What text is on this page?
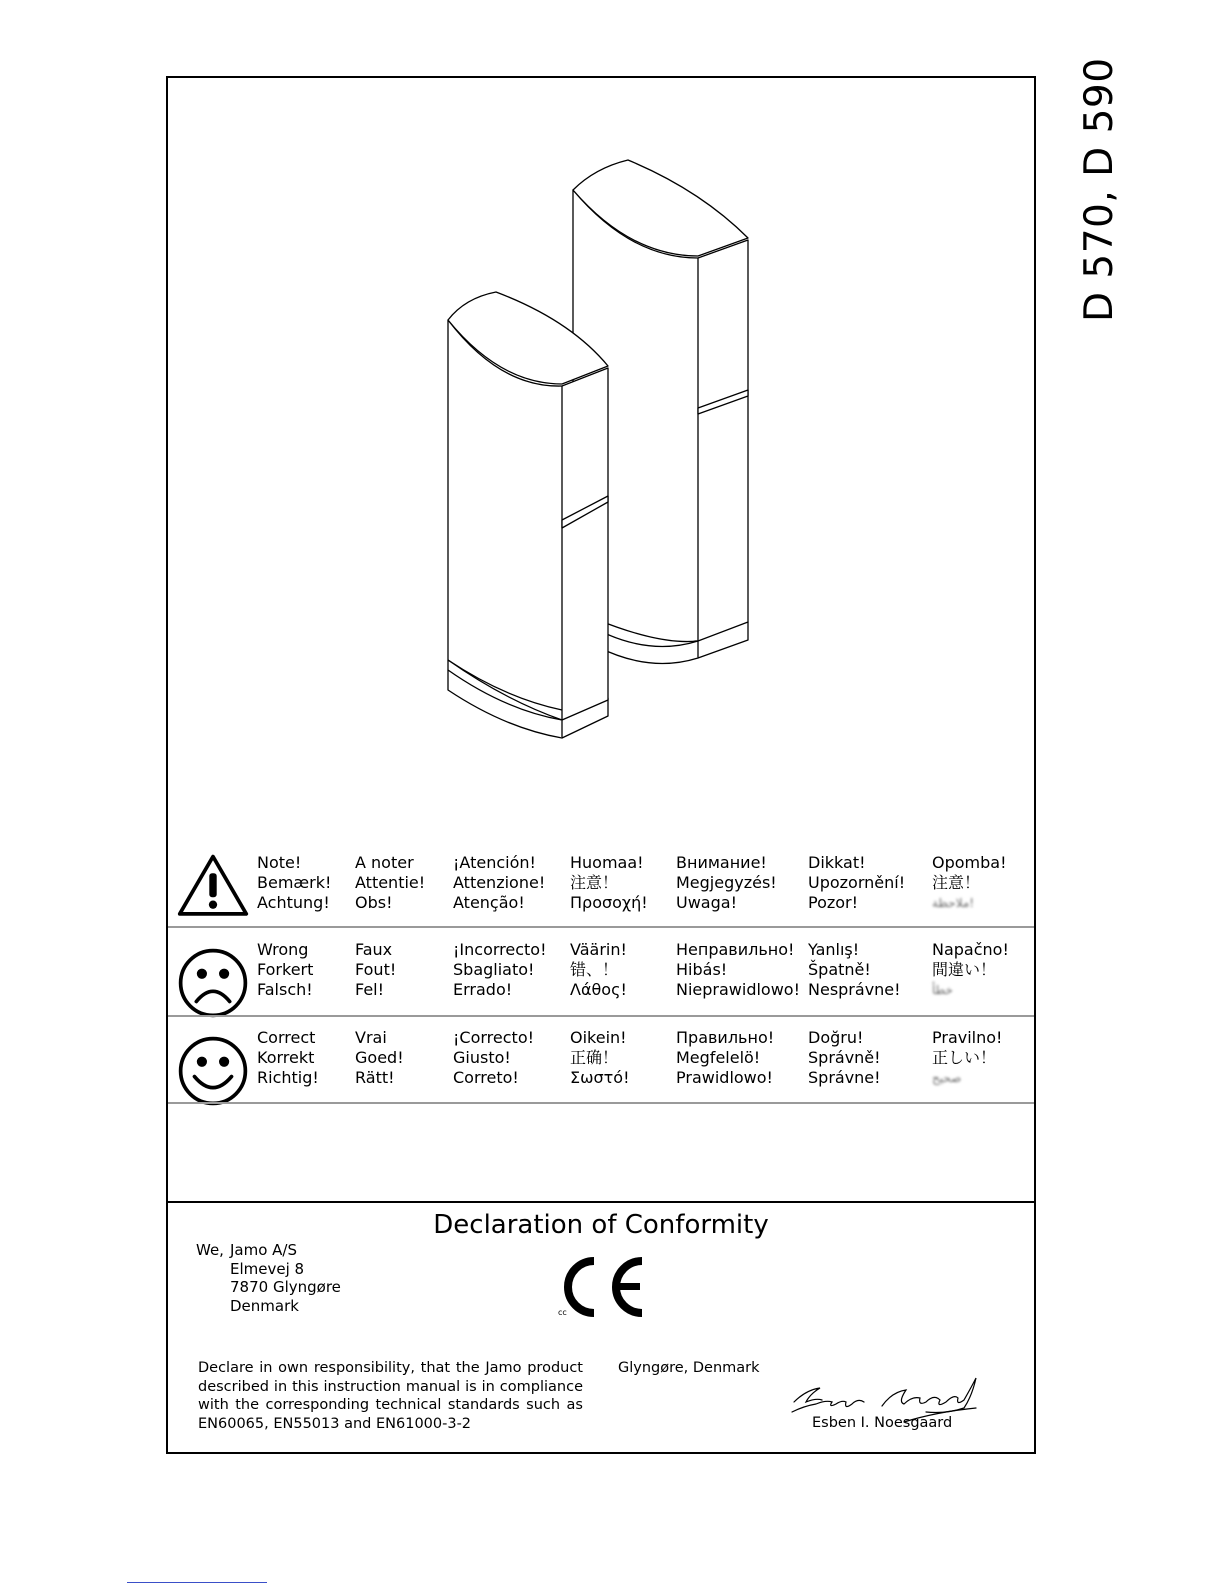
D 570, D 590
Note!
Bemærk!
Achtung!
A noter
Attentie!
Obs!
¡Atención!
Attenzione!
Atenção!
Huomaa!
注意！
Προσοχή!
Внимание!
Megjegyzés!
Uwaga!
Dikkat!
Upozornění!
Pozor!
Opomba!
注意！
ملاحظة!
Wrong
Forkert
Falsch!
Faux
Fout!
Fel!
¡Incorrecto!
Sbagliato!
Errado!
Väärin!
错、！
Λάθος!
Неправильно!
Hibás!
Nieprawidlowo!
Yanlış!
Špatně!
Nesprávne!
Napačno!
間違い！
خطأ
Correct
Korrekt
Richtig!
Vrai
Goed!
Rätt!
¡Correcto!
Giusto!
Correto!
Oikein!
正确！
Σωστό!
Правильно!
Megfelelö!
Prawidlowo!
Doğru!
Správně!
Správne!
Pravilno!
正しい！
صحيح
Declaration of Conformity
We, Jamo A/S
Elmevej 8
7870 Glyngøre
Denmark	cc
Declare in own responsibility, that the Jamo product described in this instruction manual is in compliance with the corresponding technical standards such as EN60065, EN55013 and EN61000-3-2
Glyngøre, Denmark
Esben I. Noesgaard
